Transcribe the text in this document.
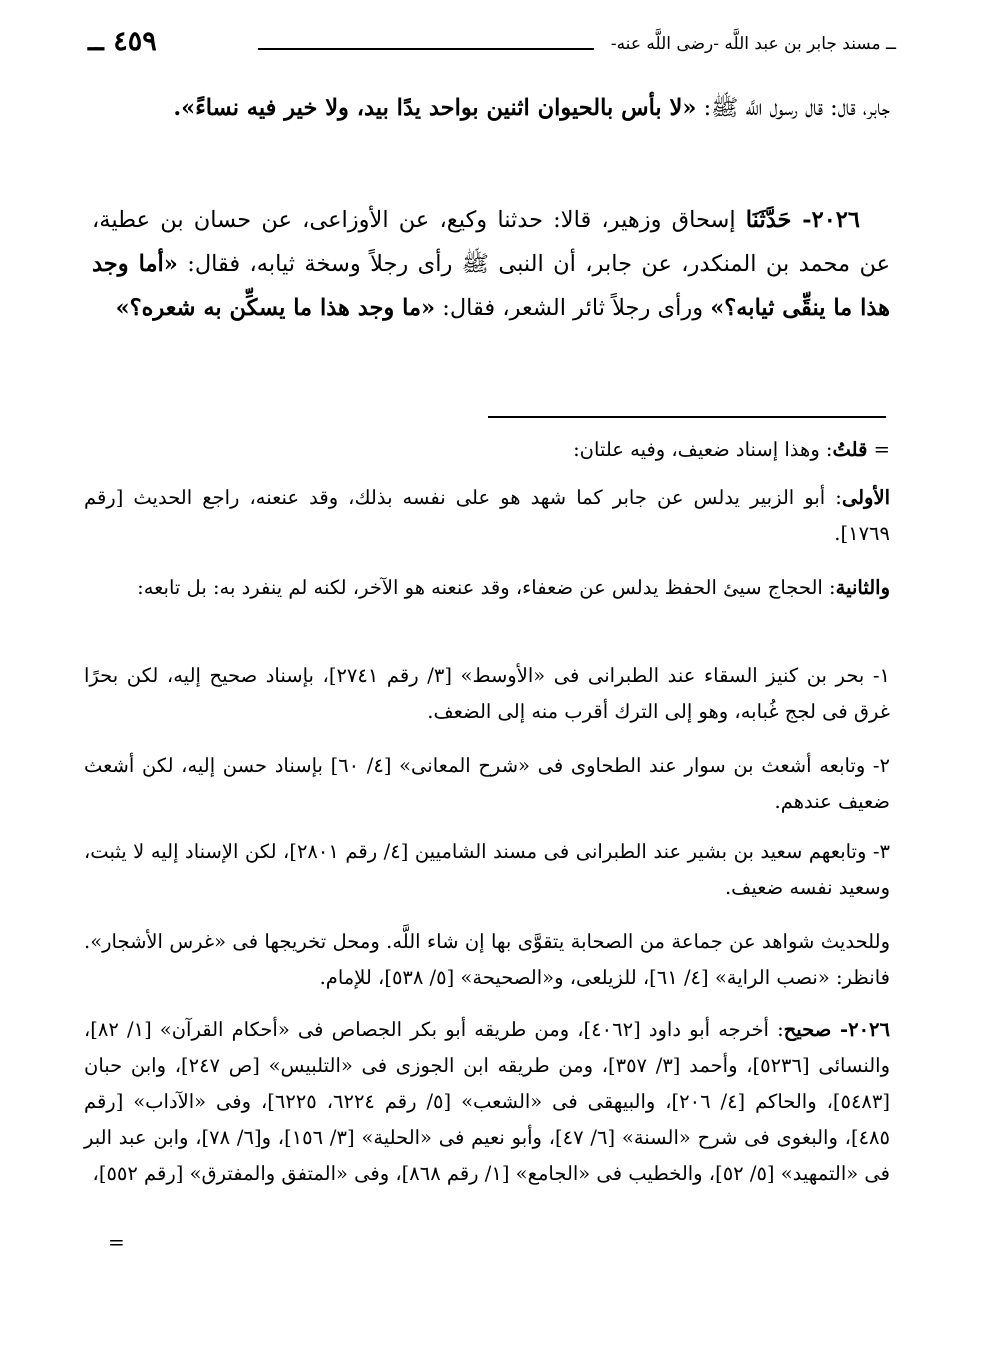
ــ مسند جابر بن عبد اللَّه -رضى اللَّه عنه-
٤٥٩ ــ

جابر، قال: قال رسول اللَّه ﷺ: «لا بأس بالحيوان اثنين بواحد يدًا بيد، ولا خير فيه نساءً».

٢٠٢٦- حَدَّثَنَا إسحاق وزهير، قالا: حدثنا وكيع، عن الأوزاعى، عن حسان بن عطية، عن محمد بن المنكدر، عن جابر، أن النبى ﷺ رأى رجلاً وسخة ثيابه، فقال: «أما وجد هذا ما ينقِّى ثيابه؟» ورأى رجلاً ثائر الشعر، فقال: «ما وجد هذا ما يسكِّن به شعره؟»

= قلتُ: وهذا إسناد ضعيف، وفيه علتان:

الأولى: أبو الزبير يدلس عن جابر كما شهد هو على نفسه بذلك، وقد عنعنه، راجع الحديث [رقم ١٧٦٩].

والثانية: الحجاج سيئ الحفظ يدلس عن ضعفاء، وقد عنعنه هو الآخر، لكنه لم ينفرد به: بل تابعه:

١- بحر بن كنيز السقاء عند الطبرانى فى «الأوسط» [٣/ رقم ٢٧٤١]، بإسناد صحيح إليه، لكن بحرًا غرق فى لجج غُبابه، وهو إلى الترك أقرب منه إلى الضعف.

٢- وتابعه أشعث بن سوار عند الطحاوى فى «شرح المعانى» [٤/ ٦٠] بإسناد حسن إليه، لكن أشعث ضعيف عندهم.

٣- وتابعهم سعيد بن بشير عند الطبرانى فى مسند الشاميين [٤/ رقم ٢٨٠١]، لكن الإسناد إليه لا يثبت، وسعيد نفسه ضعيف.

وللحديث شواهد عن جماعة من الصحابة يتقوَّى بها إن شاء اللَّه. ومحل تخريجها فى «غرس الأشجار». فانظر: «نصب الراية» [٤/ ٦١]، للزيلعى، و«الصحيحة» [٥/ ٥٣٨]، للإمام.

٢٠٢٦- صحيح: أخرجه أبو داود [٤٠٦٢]، ومن طريقه أبو بكر الجصاص فى «أحكام القرآن» [١/ ٨٢]، والنسائى [٥٢٣٦]، وأحمد [٣/ ٣٥٧]، ومن طريقه ابن الجوزى فى «التلبيس» [ص ٢٤٧]، وابن حبان [٥٤٨٣]، والحاكم [٤/ ٢٠٦]، والبيهقى فى «الشعب» [٥/ رقم ٦٢٢٤، ٦٢٢٥]، وفى «الآداب» [رقم ٤٨٥]، والبغوى فى شرح «السنة» [٦/ ٤٧]، وأبو نعيم فى «الحلية» [٣/ ١٥٦]، و[٦/ ٧٨]، وابن عبد البر فى «التمهيد» [٥/ ٥٢]، والخطيب فى «الجامع» [١/ رقم ٨٦٨]، وفى «المتفق والمفترق» [رقم ٥٥٢]،

=
